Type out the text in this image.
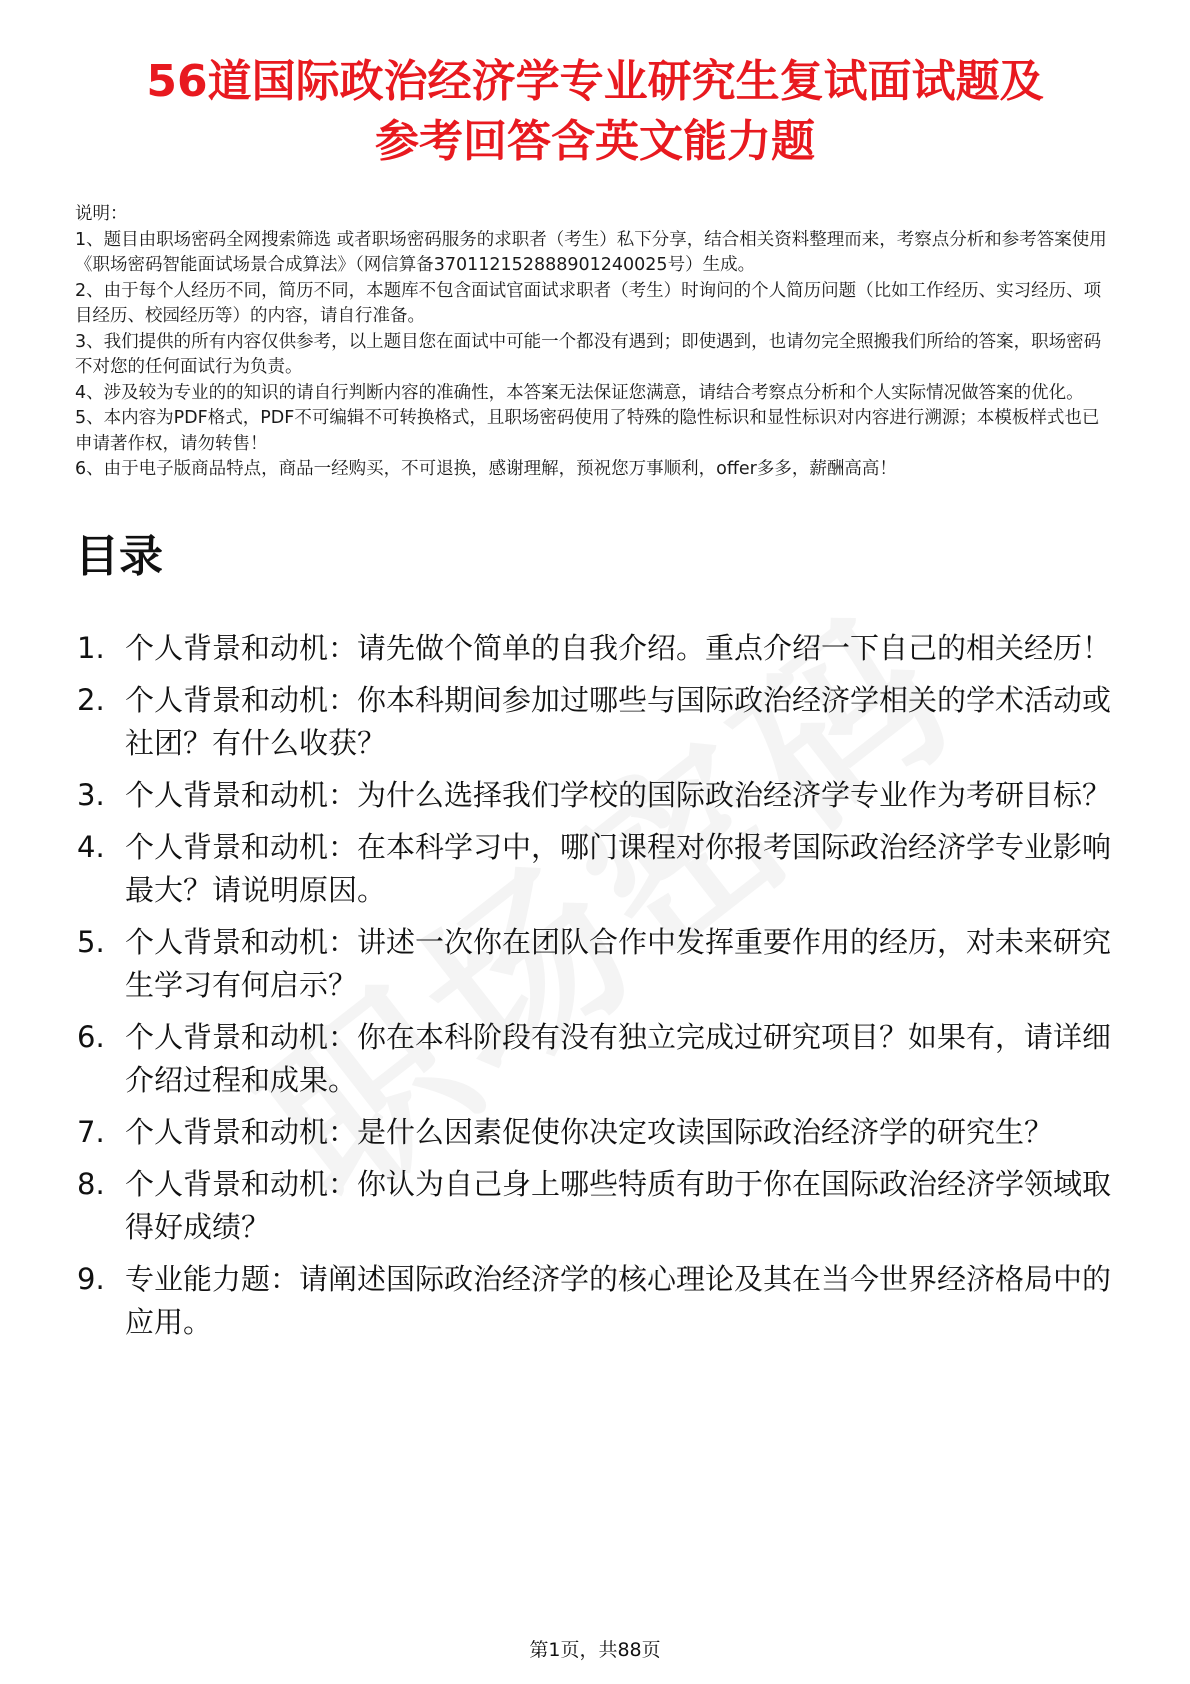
56道国际政治经济学专业研究生复试面试题及
参考回答含英文能力题

说明：

1、题目由职场密码全网搜索筛选 或者职场密码服务的求职者（考生）私下分享，结合相关资料整理而来，考察点分析和参考答案使用《职场密码智能面试场景合成算法》（网信算备370112152888901240025号）生成。

2、由于每个人经历不同，简历不同，本题库不包含面试官面试求职者（考生）时询问的个人简历问题（比如工作经历、实习经历、项目经历、校园经历等）的内容，请自行准备。

3、我们提供的所有内容仅供参考，以上题目您在面试中可能一个都没有遇到；即使遇到，也请勿完全照搬我们所给的答案，职场密码不对您的任何面试行为负责。

4、涉及较为专业的的知识的请自行判断内容的准确性，本答案无法保证您满意，请结合考察点分析和个人实际情况做答案的优化。

5、本内容为PDF格式，PDF不可编辑不可转换格式，且职场密码使用了特殊的隐性标识和显性标识对内容进行溯源；本模板样式也已申请著作权，请勿转售！

6、由于电子版商品特点，商品一经购买，不可退换，感谢理解，预祝您万事顺利，offer多多，薪酬高高！

目录
1. 个人背景和动机：请先做个简单的自我介绍。重点介绍一下自己的相关经历！
2. 个人背景和动机：你本科期间参加过哪些与国际政治经济学相关的学术活动或社团？有什么收获？
3. 个人背景和动机：为什么选择我们学校的国际政治经济学专业作为考研目标？
4. 个人背景和动机：在本科学习中，哪门课程对你报考国际政治经济学专业影响最大？请说明原因。
5. 个人背景和动机：讲述一次你在团队合作中发挥重要作用的经历，对未来研究生学习有何启示？
6. 个人背景和动机：你在本科阶段有没有独立完成过研究项目？如果有，请详细介绍过程和成果。
7. 个人背景和动机：是什么因素促使你决定攻读国际政治经济学的研究生？
8. 个人背景和动机：你认为自己身上哪些特质有助于你在国际政治经济学领域取得好成绩？
9. 专业能力题：请阐述国际政治经济学的核心理论及其在当今世界经济格局中的应用。
第1页，共88页
